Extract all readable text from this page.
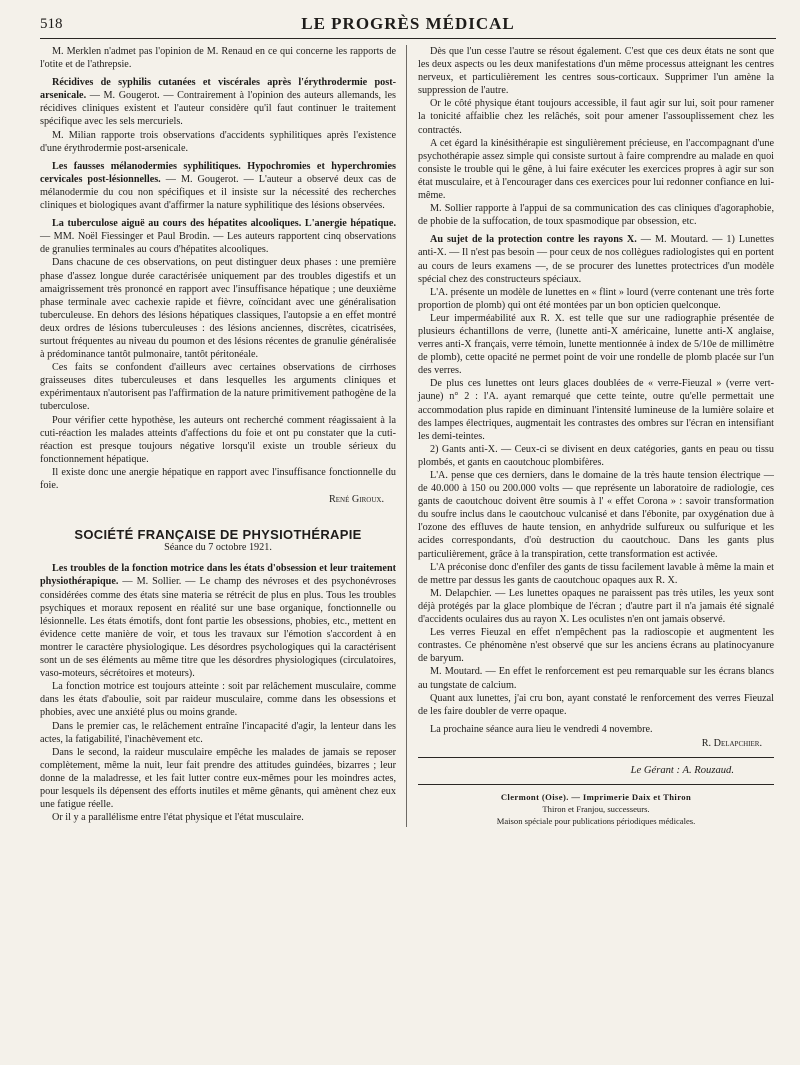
518	LE PROGRÈS MÉDICAL

M. Merklen n'admet pas l'opinion de M. Renaud en ce qui concerne les rapports de l'otite et de l'athrepsie.

Récidives de syphilis cutanées et viscérales après l'érythrodermie post-arsenicale. — M. Gougerot. — Contrairement à l'opinion des auteurs allemands, les récidives cliniques existent et l'auteur considère qu'il faut continuer le traitement spécifique avec les sels mercuriels.

M. Milian rapporte trois observations d'accidents syphilitiques après l'existence d'une érythrodermie post-arsenicale.

Les fausses mélanodermies syphilitiques. Hypochromies et hyperchromies cervicales post-lésionnelles. — M. Gougerot. — L'auteur a observé deux cas de mélanodermie du cou non spécifiques et il insiste sur la nécessité des recherches cliniques et biologiques avant d'affirmer la nature syphilitique des lésions observées.

La tuberculose aiguë au cours des hépatites alcooliques. L'anergie hépatique. — MM. Noël Fiessinger et Paul Brodin. — Les auteurs rapportent cinq observations de granulies terminales au cours d'hépatites alcooliques.

Dans chacune de ces observations, on peut distinguer deux phases : une première phase d'assez longue durée caractérisée uniquement par des troubles digestifs et un amaigrissement très prononcé en rapport avec l'insuffisance hépatique ; une deuxième phase terminale avec cachexie rapide et fièvre, coïncidant avec une généralisation tuberculeuse. En dehors des lésions hépatiques classiques, l'autopsie a en effet montré deux ordres de lésions tuberculeuses : des lésions anciennes, discrètes, cicatrisées, surtout fréquentes au niveau du poumon et des lésions récentes de granulie généralisée à prédominance tantôt pulmonaire, tantôt péritonéale.

Ces faits se confondent d'ailleurs avec certaines observations de cirrhoses graisseuses dites tuberculeuses et dans lesquelles les arguments cliniques et expérimentaux n'autorisent pas l'affirmation de la nature primitivement pathogène de la tuberculose.

Pour vérifier cette hypothèse, les auteurs ont recherché comment réagissaient à la cuti-réaction les malades atteints d'affections du foie et ont pu constater que la cuti-réaction est presque toujours négative lorsqu'il existe un trouble sérieux du fonctionnement hépatique.

Il existe donc une anergie hépatique en rapport avec l'insuffisance fonctionnelle du foie.

René Giroux.
SOCIÉTÉ FRANÇAISE DE PHYSIOTHÉRAPIE
Séance du 7 octobre 1921.

Les troubles de la fonction motrice dans les états d'obsession et leur traitement physiothérapique. — M. Sollier. — Le champ des névroses et des psychonévroses considérées comme des états sine materia se rétrécit de plus en plus. Tous les troubles psychiques et moraux reposent en réalité sur une base organique, fonctionnelle ou lésionnelle. Les états émotifs, dont font partie les obsessions, phobies, etc., mettent en évidence cette manière de voir, et tous les travaux sur l'émotion s'accordent à en montrer le caractère physiologique. Les désordres psychologiques qui la caractérisent sont un de ses éléments au même titre que les désordres physiologiques (circulatoires, vaso-moteurs, sécrétoires et moteurs).

La fonction motrice est toujours atteinte : soit par relâchement musculaire, comme dans les états d'aboulie, soit par raideur musculaire, comme dans les obsessions et phobies, avec une anxiété plus ou moins grande.

Dans le premier cas, le relâchement entraîne l'incapacité d'agir, la lenteur dans les actes, la fatigabilité, l'inachèvement etc.

Dans le second, la raideur musculaire empêche les malades de jamais se reposer complètement, même la nuit, leur fait prendre des attitudes guindées, bizarres ; leur donne de la maladresse, et les fait lutter contre eux-mêmes pour les moindres actes, pour lesquels ils dépensent des efforts inutiles et même gênants, qui amènent chez eux une fatigue réelle.

Or il y a parallélisme entre l'état physique et l'état musculaire.

Dès que l'un cesse l'autre se résout également. C'est que ces deux états ne sont que les deux aspects ou les deux manifestations d'un même processus atteignant les centres nerveux, et particulièrement les centres sous-corticaux. Supprimer l'un amène la suppression de l'autre.

Or le côté physique étant toujours accessible, il faut agir sur lui, soit pour ramener la tonicité affaiblie chez les relâchés, soit pour amener l'assouplissement chez les contractés.

A cet égard la kinésithérapie est singulièrement précieuse, en l'accompagnant d'une psychothérapie assez simple qui consiste surtout à faire comprendre au malade en quoi consiste le trouble qui le gêne, à lui faire exécuter les exercices propres à agir sur son état musculaire, et à l'encourager dans ces exercices pour lui redonner confiance en lui-même.

M. Sollier rapporte à l'appui de sa communication des cas cliniques d'agoraphobie, de phobie de la suffocation, de toux spasmodique par obsession, etc.

Au sujet de la protection contre les rayons X. — M. Moutard. — 1) Lunettes anti-X. — Il n'est pas besoin — pour ceux de nos collègues radiologistes qui en portent au cours de leurs examens —, de se procurer des lunettes protectrices d'un modèle spécial chez des constructeurs spéciaux.

L'A. présente un modèle de lunettes en « flint » lourd (verre contenant une très forte proportion de plomb) qui ont été montées par un bon opticien quelconque.

Leur imperméabilité aux R. X. est telle que sur une radiographie présentée de plusieurs échantillons de verre, (lunette anti-X américaine, lunette anti-X anglaise, verres anti-X français, verre témoin, lunette mentionnée à index de 5/10e de millimètre de plomb), cette opacité ne permet point de voir une rondelle de plomb placée sur l'un des verres.

De plus ces lunettes ont leurs glaces doublées de « verre-Fieuzal » (verre vert-jaune) n° 2 : l'A. ayant remarqué que cette teinte, outre qu'elle permettait une accommodation plus rapide en diminuant l'intensité lumineuse de la lumière solaire et des lampes électriques, augmentait les contrastes des ombres sur l'écran en intensifiant les demi-teintes.

2) Gants anti-X. — Ceux-ci se divisent en deux catégories, gants en peau ou tissu plombés, et gants en caoutchouc plombifères.

L'A. pense que ces derniers, dans le domaine de la très haute tension électrique — de 40.000 à 150 ou 200.000 volts — que représente un laboratoire de radiologie, ces gants de caoutchouc doivent être soumis à l' « effet Corona » : savoir transformation du soufre inclus dans le caoutchouc vulcanisé et dans l'ébonite, par oxygénation due à l'ozone des effluves de haute tension, en anhydride sulfureux ou sulfurique et les acides correspondants, d'où destruction du caoutchouc. Dans les gants plus particulièrement, grâce à la transpiration, cette transformation est activée.

L'A préconise donc d'enfiler des gants de tissu facilement lavable à même la main et de mettre par dessus les gants de caoutchouc opaques aux R. X.

M. Delapchier. — Les lunettes opaques ne paraissent pas très utiles, les yeux sont déjà protégés par la glace plombique de l'écran ; d'autre part il n'a jamais été signalé d'accidents oculaires dus au rayon X. Les oculistes n'en ont jamais observé.

Les verres Fieuzal en effet n'empêchent pas la radioscopie et augmentent les contrastes. Ce phénomène n'est observé que sur les anciens écrans au platinocyanure de baryum.

M. Moutard. — En effet le renforcement est peu remarquable sur les écrans blancs au tungstate de calcium.

Quant aux lunettes, j'ai cru bon, ayant constaté le renforcement des verres Fieuzal de les faire doubler de verre opaque.

La prochaine séance aura lieu le vendredi 4 novembre.

R. Delapchier.
Le Gérant : A. Rouzaud.
Clermont (Oise). — Imprimerie Daix et Thiron
Thiron et Franjou, successeurs.
Maison spéciale pour publications périodiques médicales.
